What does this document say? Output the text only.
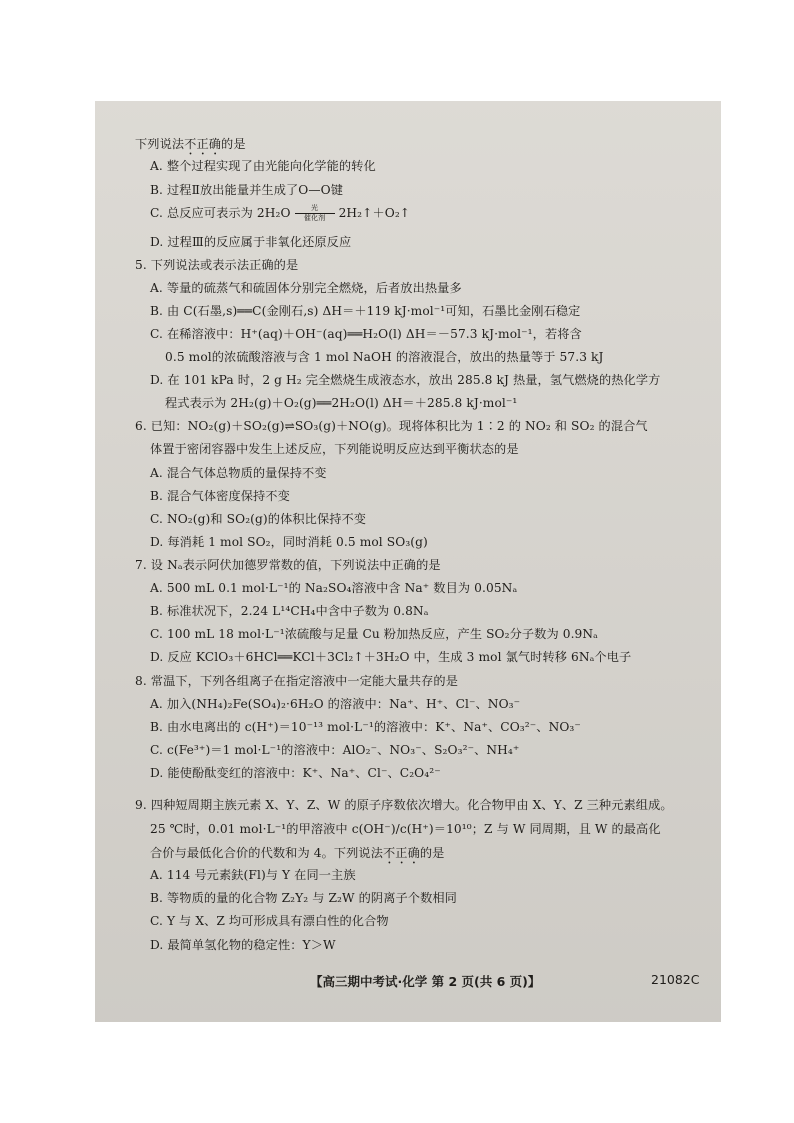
下列说法不正确的是
A. 整个过程实现了由光能向化学能的转化
B. 过程Ⅱ放出能量并生成了O—O键
C. 总反应可表示为 $2H_2O \frac{\text{光}}{\text{催化剂}}$ 2H₂↑＋O₂↑
D. 过程Ⅲ的反应属于非氧化还原反应
5. 下列说法或表示法正确的是
A. 等量的硫蒸气和硫固体分别完全燃烧，后者放出热量多
B. 由 C(石墨,s)══C(金刚石,s) ΔH＝＋119 kJ·mol⁻¹可知，石墨比金刚石稳定
C. 在稀溶液中：H⁺(aq)＋OH⁻(aq)══H₂O(l) ΔH＝－57.3 kJ·mol⁻¹，若将含
0.5 mol的浓硫酸溶液与含 1 mol NaOH 的溶液混合，放出的热量等于 57.3 kJ
D. 在 101 kPa 时，2 g H₂ 完全燃烧生成液态水，放出 285.8 kJ 热量，氢气燃烧的热化学方
程式表示为 2H₂(g)＋O₂(g)══2H₂O(l) ΔH＝＋285.8 kJ·mol⁻¹
6. 已知：NO₂(g)＋SO₂(g)⇌SO₃(g)＋NO(g)。现将体积比为 1∶2 的 NO₂ 和 SO₂ 的混合气
体置于密闭容器中发生上述反应，下列能说明反应达到平衡状态的是
A. 混合气体总物质的量保持不变
B. 混合气体密度保持不变
C. NO₂(g)和 SO₂(g)的体积比保持不变
D. 每消耗 1 mol SO₂，同时消耗 0.5 mol SO₃(g)
7. 设 Nₐ表示阿伏加德罗常数的值，下列说法中正确的是
A. 500 mL 0.1 mol·L⁻¹的 Na₂SO₄溶液中含 Na⁺ 数目为 0.05Nₐ
B. 标准状况下，2.24 L¹⁴CH₄中含中子数为 0.8Nₐ
C. 100 mL 18 mol·L⁻¹浓硫酸与足量 Cu 粉加热反应，产生 SO₂分子数为 0.9Nₐ
D. 反应 KClO₃＋6HCl══KCl＋3Cl₂↑＋3H₂O 中，生成 3 mol 氯气时转移 6Nₐ个电子
8. 常温下，下列各组离子在指定溶液中一定能大量共存的是
A. 加入(NH₄)₂Fe(SO₄)₂·6H₂O 的溶液中：Na⁺、H⁺、Cl⁻、NO₃⁻
B. 由水电离出的 c(H⁺)＝10⁻¹³ mol·L⁻¹的溶液中：K⁺、Na⁺、CO₃²⁻、NO₃⁻
C. c(Fe³⁺)＝1 mol·L⁻¹的溶液中：AlO₂⁻、NO₃⁻、S₂O₃²⁻、NH₄⁺
D. 能使酚酞变红的溶液中：K⁺、Na⁺、Cl⁻、C₂O₄²⁻
9. 四种短周期主族元素 X、Y、Z、W 的原子序数依次增大。化合物甲由 X、Y、Z 三种元素组成。
25 ℃时，0.01 mol·L⁻¹的甲溶液中 c(OH⁻)/c(H⁺)＝10¹⁰；Z 与 W 同周期，且 W 的最高化
合价与最低化合价的代数和为 4。下列说法不正确的是
A. 114 号元素鈇(Fl)与 Y 在同一主族
B. 等物质的量的化合物 Z₂Y₂ 与 Z₂W 的阴离子个数相同
C. Y 与 X、Z 均可形成具有漂白性的化合物
D. 最简单氢化物的稳定性：Y＞W
【高三期中考试·化学 第 2 页(共 6 页)】	21082C
